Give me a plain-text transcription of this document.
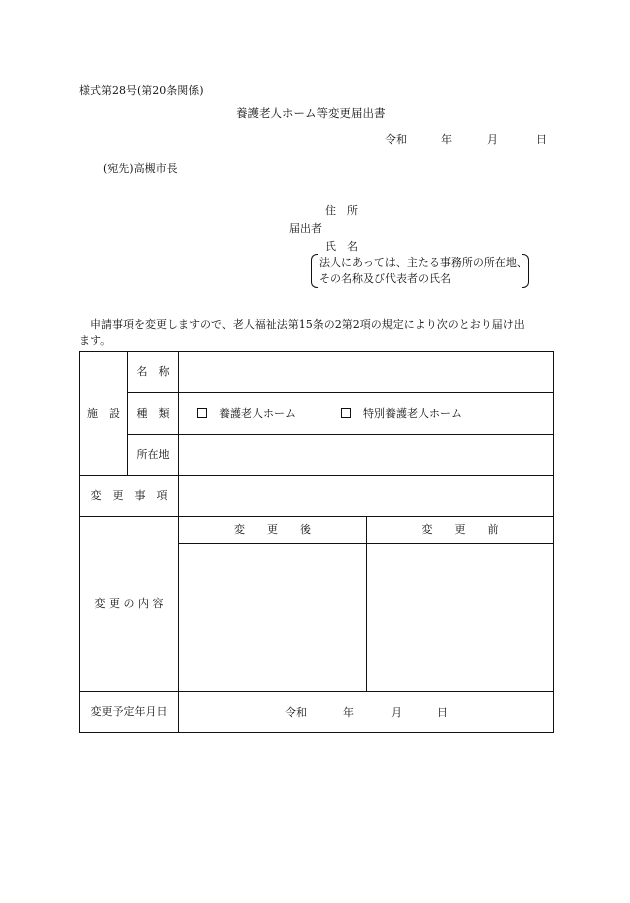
様式第28号(第20条関係)
養護老人ホーム等変更届出書
令和	年	月	日
(宛先)高槻市長
住　所
届出者
氏　名
法人にあっては、主たる事務所の所在地、
その名称及び代表者の氏名
申請事項を変更しますので、老人福祉法第15条の2第2項の規定により次のとおり届け出
ます。
施　設	名　称		
	種　類	養護老人ホーム 特別養護老人ホーム	
	所在地		
変　更　事　項			
変 更 の 内 容		変　　更　　後	変　　更　　前

変更予定年月日		令和 年 月 日	
